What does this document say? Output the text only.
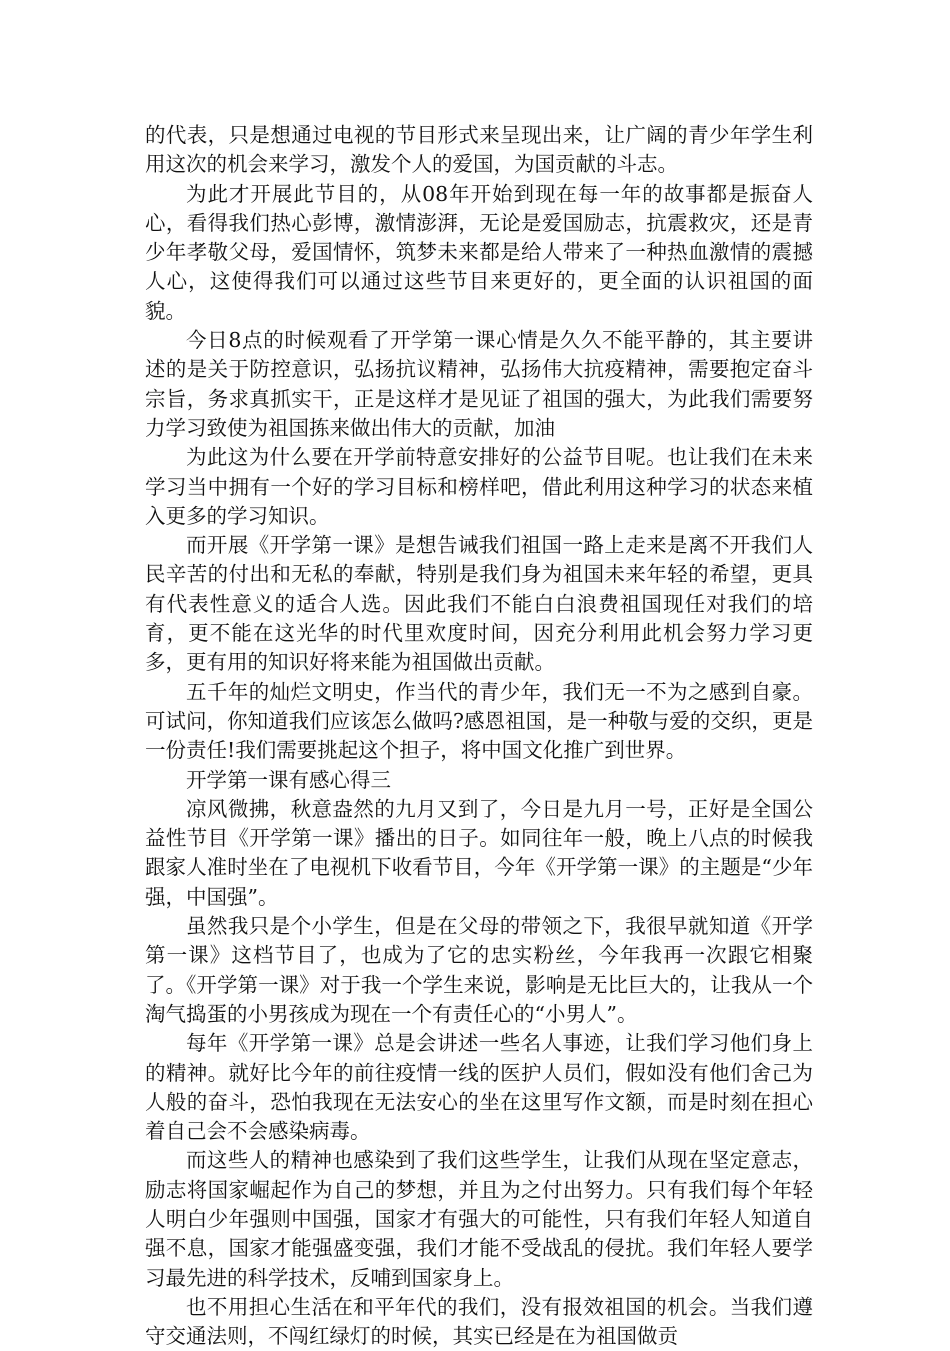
的代表，只是想通过电视的节目形式来呈现出来，让广阔的青少年学生利用这次的机会来学习，激发个人的爱国，为国贡献的斗志。

为此才开展此节目的，从08年开始到现在每一年的故事都是振奋人心，看得我们热心彭博，激情澎湃，无论是爱国励志，抗震救灾，还是青少年孝敬父母，爱国情怀，筑梦未来都是给人带来了一种热血激情的震撼人心，这使得我们可以通过这些节目来更好的，更全面的认识祖国的面貌。

今日8点的时候观看了开学第一课心情是久久不能平静的，其主要讲述的是关于防控意识，弘扬抗议精神，弘扬伟大抗疫精神，需要抱定奋斗宗旨，务求真抓实干，正是这样才是见证了祖国的强大，为此我们需要努力学习致使为祖国拣来做出伟大的贡献，加油

为此这为什么要在开学前特意安排好的公益节目呢。也让我们在未来学习当中拥有一个好的学习目标和榜样吧，借此利用这种学习的状态来植入更多的学习知识。

而开展《开学第一课》是想告诫我们祖国一路上走来是离不开我们人民辛苦的付出和无私的奉献，特别是我们身为祖国未来年轻的希望，更具有代表性意义的适合人选。因此我们不能白白浪费祖国现任对我们的培育，更不能在这光华的时代里欢度时间，因充分利用此机会努力学习更多，更有用的知识好将来能为祖国做出贡献。

五千年的灿烂文明史，作当代的青少年，我们无一不为之感到自豪。可试问，你知道我们应该怎么做吗?感恩祖国，是一种敬与爱的交织，更是一份责任!我们需要挑起这个担子，将中国文化推广到世界。

开学第一课有感心得三

凉风微拂，秋意盎然的九月又到了，今日是九月一号，正好是全国公益性节目《开学第一课》播出的日子。如同往年一般，晚上八点的时候我跟家人准时坐在了电视机下收看节目，今年《开学第一课》的主题是“少年强，中国强”。

虽然我只是个小学生，但是在父母的带领之下，我很早就知道《开学第一课》这档节目了，也成为了它的忠实粉丝，今年我再一次跟它相聚了。《开学第一课》对于我一个学生来说，影响是无比巨大的，让我从一个淘气捣蛋的小男孩成为现在一个有责任心的“小男人”。

每年《开学第一课》总是会讲述一些名人事迹，让我们学习他们身上的精神。就好比今年的前往疫情一线的医护人员们，假如没有他们舍己为人般的奋斗，恐怕我现在无法安心的坐在这里写作文额，而是时刻在担心着自己会不会感染病毒。

而这些人的精神也感染到了我们这些学生，让我们从现在坚定意志，励志将国家崛起作为自己的梦想，并且为之付出努力。只有我们每个年轻人明白少年强则中国强，国家才有强大的可能性，只有我们年轻人知道自强不息，国家才能强盛变强，我们才能不受战乱的侵扰。我们年轻人要学习最先进的科学技术，反哺到国家身上。

也不用担心生活在和平年代的我们，没有报效祖国的机会。当我们遵守交通法则，不闯红绿灯的时候，其实已经是在为祖国做贡
